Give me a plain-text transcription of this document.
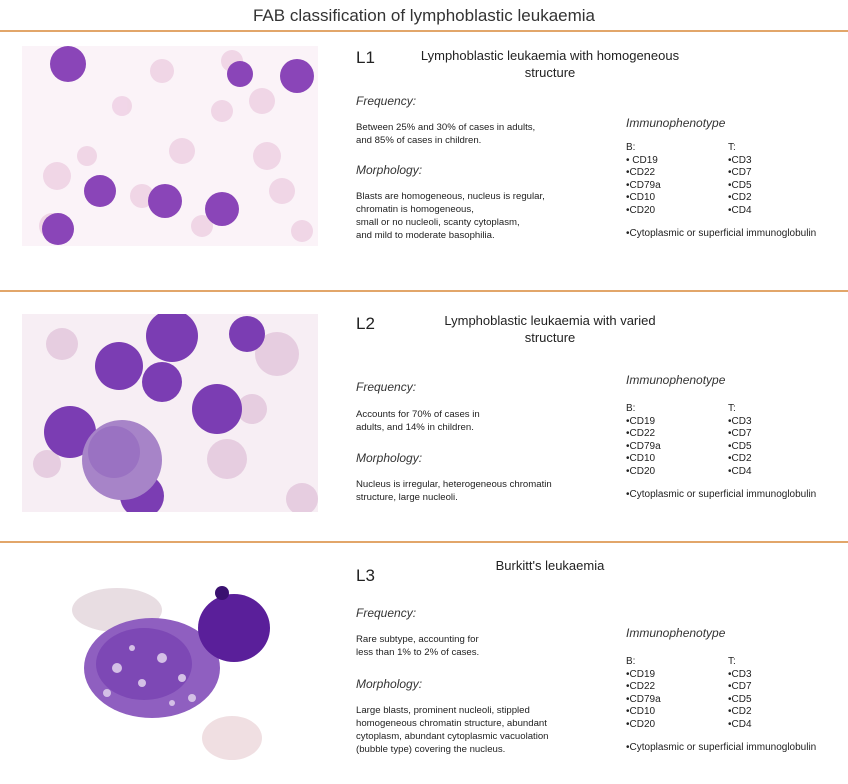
FAB classification of lymphoblastic leukaemia
L1	Lymphoblastic leukaemia with homogeneous structure
Frequency:
Between 25% and 30% of cases in adults,
and 85% of cases in children.
Morphology:
Blasts are homogeneous, nucleus is regular,
chromatin is homogeneous,
small or no nucleoli, scanty cytoplasm,
and mild to moderate basophilia.
Immunophenotype
B:
• CD19
•CD22
•CD79a
•CD10
•CD20
T:
•CD3
•CD7
•CD5
•CD2
•CD4
•Cytoplasmic or superficial immunoglobulin
L2	Lymphoblastic leukaemia with varied structure
Frequency:
Accounts for 70% of cases in
adults, and 14% in children.
Morphology:
Nucleus is irregular, heterogeneous chromatin
structure, large nucleoli.
Immunophenotype
B:
•CD19
•CD22
•CD79a
•CD10
•CD20
T:
•CD3
•CD7
•CD5
•CD2
•CD4
•Cytoplasmic or superficial immunoglobulin
L3
Burkitt's leukaemia
Frequency:
Rare subtype, accounting for
less than 1% to 2% of cases.
Morphology:
Large blasts, prominent nucleoli, stippled
homogeneous chromatin structure, abundant
cytoplasm, abundant cytoplasmic vacuolation
(bubble type) covering the nucleus.
Immunophenotype
B:
•CD19
•CD22
•CD79a
•CD10
•CD20
T:
•CD3
•CD7
•CD5
•CD2
•CD4
•Cytoplasmic or superficial immunoglobulin
